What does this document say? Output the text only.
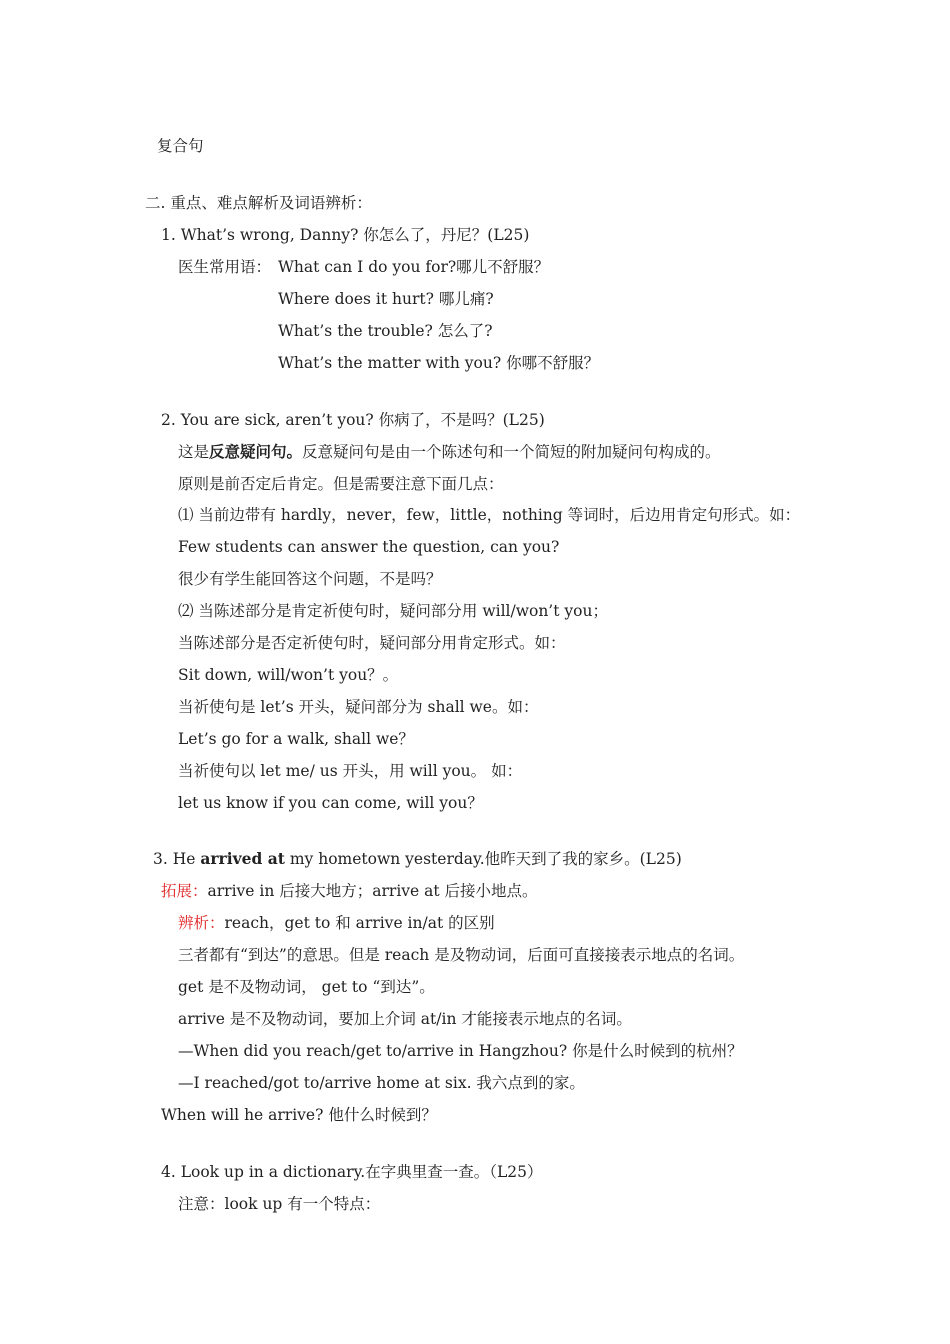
复合句
二. 重点、难点解析及词语辨析：
1. What’s wrong, Danny? 你怎么了，丹尼？(L25)
医生常用语： What can I do you for?哪儿不舒服？
Where does it hurt? 哪儿痛?
What’s the trouble? 怎么了?
What’s the matter with you? 你哪不舒服？
2. You are sick, aren’t you? 你病了，不是吗？(L25)
这是反意疑问句。反意疑问句是由一个陈述句和一个简短的附加疑问句构成的。
原则是前否定后肯定。但是需要注意下面几点：
⑴ 当前边带有 hardly，never，few，little，nothing 等词时，后边用肯定句形式。如：
Few students can answer the question, can you?
很少有学生能回答这个问题，不是吗？
⑵ 当陈述部分是肯定祈使句时，疑问部分用 will/won’t you；
当陈述部分是否定祈使句时，疑问部分用肯定形式。如：
Sit down, will/won’t you？。
当祈使句是 let’s 开头，疑问部分为 shall we。如：
Let’s go for a walk, shall we？
当祈使句以 let me/ us 开头，用 will you。 如：
let us know if you can come, will you？
3. He arrived at my hometown yesterday.他昨天到了我的家乡。(L25)
拓展：arrive in 后接大地方；arrive at 后接小地点。
辨析：reach，get to 和 arrive in/at 的区别
三者都有“到达”的意思。但是 reach 是及物动词，后面可直接接表示地点的名词。
get 是不及物动词， get to “到达”。
arrive 是不及物动词，要加上介词 at/in 才能接表示地点的名词。
—When did you reach/get to/arrive in Hangzhou? 你是什么时候到的杭州？
—I reached/got to/arrive home at six. 我六点到的家。
When will he arrive? 他什么时候到？
4. Look up in a dictionary.在字典里查一查。（L25）
注意：look up 有一个特点：
